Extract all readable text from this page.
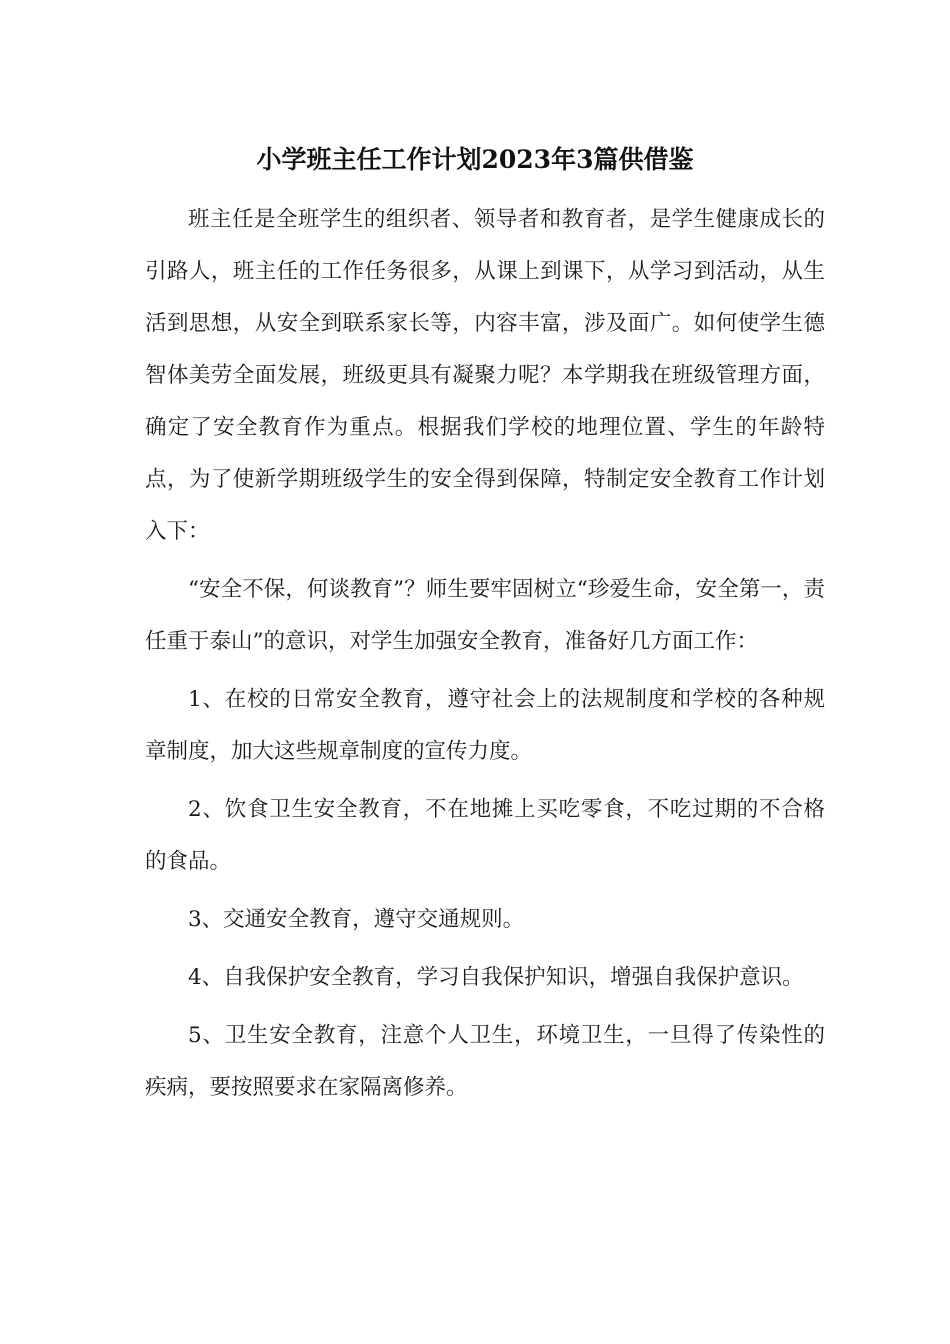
小学班主任工作计划2023年3篇供借鉴

班主任是全班学生的组织者、领导者和教育者，是学生健康成长的引路人，班主任的工作任务很多，从课上到课下，从学习到活动，从生活到思想，从安全到联系家长等，内容丰富，涉及面广。如何使学生德智体美劳全面发展，班级更具有凝聚力呢？本学期我在班级管理方面，确定了安全教育作为重点。根据我们学校的地理位置、学生的年龄特点，为了使新学期班级学生的安全得到保障，特制定安全教育工作计划入下：

“安全不保，何谈教育”？师生要牢固树立“珍爱生命，安全第一，责任重于泰山”的意识，对学生加强安全教育，准备好几方面工作：

1、在校的日常安全教育，遵守社会上的法规制度和学校的各种规章制度，加大这些规章制度的宣传力度。

2、饮食卫生安全教育，不在地摊上买吃零食，不吃过期的不合格的食品。

3、交通安全教育，遵守交通规则。

4、自我保护安全教育，学习自我保护知识，增强自我保护意识。

5、卫生安全教育，注意个人卫生，环境卫生，一旦得了传染性的疾病，要按照要求在家隔离修养。
